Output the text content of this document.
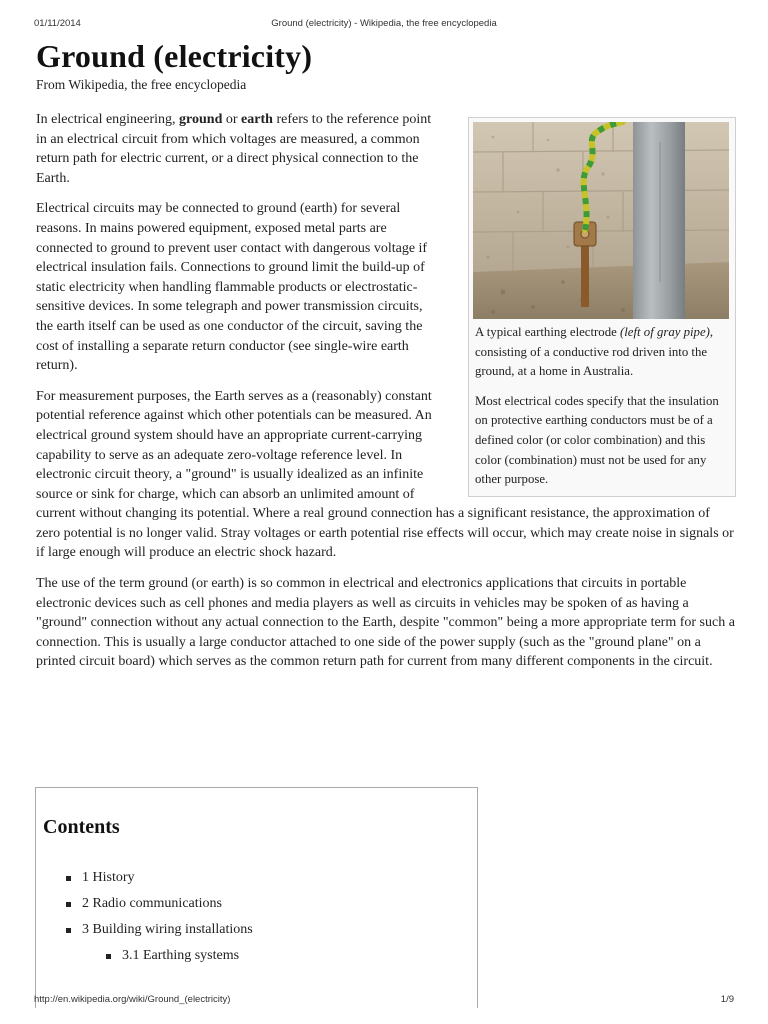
01/11/2014	Ground (electricity) - Wikipedia, the free encyclopedia
Ground (electricity)
From Wikipedia, the free encyclopedia

A typical earthing electrode (left of gray pipe), consisting of a conductive rod driven into the ground, at a home in Australia.

Most electrical codes specify that the insulation on protective earthing conductors must be of a defined color (or color combination) and this color (combination) must not be used for any other purpose.

In electrical engineering, ground or earth refers to the reference point in an electrical circuit from which voltages are measured, a common return path for electric current, or a direct physical connection to the Earth.

Electrical circuits may be connected to ground (earth) for several reasons. In mains powered equipment, exposed metal parts are connected to ground to prevent user contact with dangerous voltage if electrical insulation fails. Connections to ground limit the build-up of static electricity when handling flammable products or electrostatic-sensitive devices. In some telegraph and power transmission circuits, the earth itself can be used as one conductor of the circuit, saving the cost of installing a separate return conductor (see single-wire earth return).

For measurement purposes, the Earth serves as a (reasonably) constant potential reference against which other potentials can be measured. An electrical ground system should have an appropriate current-carrying capability to serve as an adequate zero-voltage reference level. In electronic circuit theory, a "ground" is usually idealized as an infinite source or sink for charge, which can absorb an unlimited amount of current without changing its potential. Where a real ground connection has a significant resistance, the approximation of zero potential is no longer valid. Stray voltages or earth potential rise effects will occur, which may create noise in signals or if large enough will produce an electric shock hazard.

The use of the term ground (or earth) is so common in electrical and electronics applications that circuits in portable electronic devices such as cell phones and media players as well as circuits in vehicles may be spoken of as having a "ground" connection without any actual connection to the Earth, despite "common" being a more appropriate term for such a connection. This is usually a large conductor attached to one side of the power supply (such as the "ground plane" on a printed circuit board) which serves as the common return path for current from many different components in the circuit.

Contents
1 History
2 Radio communications
3 Building wiring installations
3.1 Earthing systems
http://en.wikipedia.org/wiki/Ground_(electricity)	1/9
